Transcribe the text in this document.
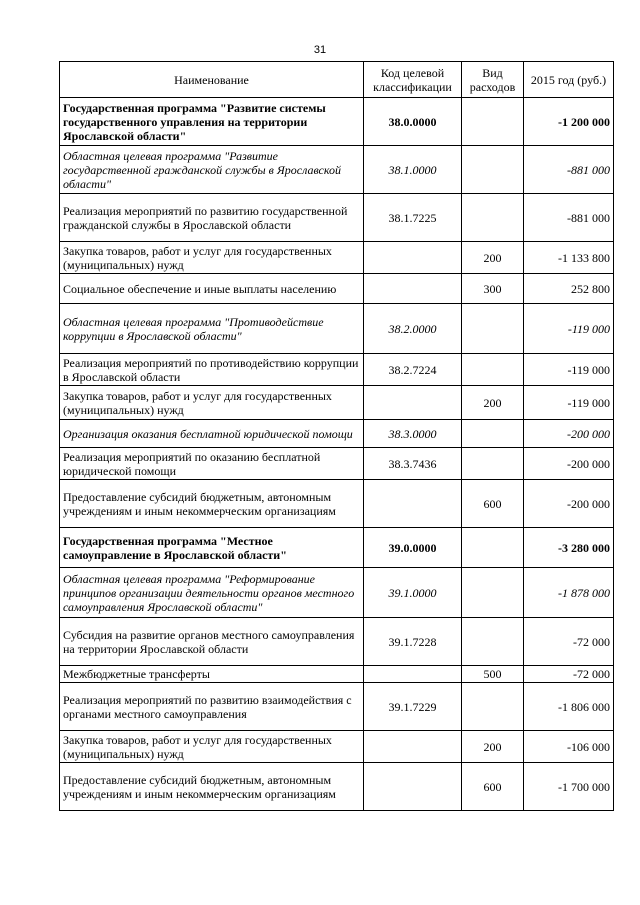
31
Наименование	Код целевой классификации	Вид расходов	2015 год (руб.)
Государственная программа "Развитие системы государственного управления на территории Ярославской области"	38.0.0000		-1 200 000
Областная целевая программа "Развитие государственной гражданской службы в Ярославской области"	38.1.0000		-881 000
Реализация мероприятий по развитию государственной гражданской службы в Ярославской области	38.1.7225		-881 000
Закупка товаров, работ и услуг для государственных (муниципальных) нужд		200	-1 133 800
Социальное обеспечение и иные выплаты населению		300	252 800
Областная целевая программа "Противодействие коррупции в Ярославской области"	38.2.0000		-119 000
Реализация мероприятий по противодействию коррупции в Ярославской области	38.2.7224		-119 000
Закупка товаров, работ и услуг для государственных (муниципальных) нужд		200	-119 000
Организация оказания бесплатной юридической помощи	38.3.0000		-200 000
Реализация мероприятий по оказанию бесплатной юридической помощи	38.3.7436		-200 000
Предоставление субсидий бюджетным, автономным учреждениям и иным некоммерческим организациям		600	-200 000
Государственная программа "Местное самоуправление в Ярославской области"	39.0.0000		-3 280 000
Областная целевая программа "Реформирование принципов организации деятельности органов местного самоуправления Ярославской области"	39.1.0000		-1 878 000
Субсидия на развитие органов местного самоуправления на территории Ярославской области	39.1.7228		-72 000
Межбюджетные трансферты		500	-72 000
Реализация мероприятий по развитию взаимодействия с органами местного самоуправления	39.1.7229		-1 806 000
Закупка товаров, работ и услуг для государственных (муниципальных) нужд		200	-106 000
Предоставление субсидий бюджетным, автономным учреждениям и иным некоммерческим организациям		600	-1 700 000
